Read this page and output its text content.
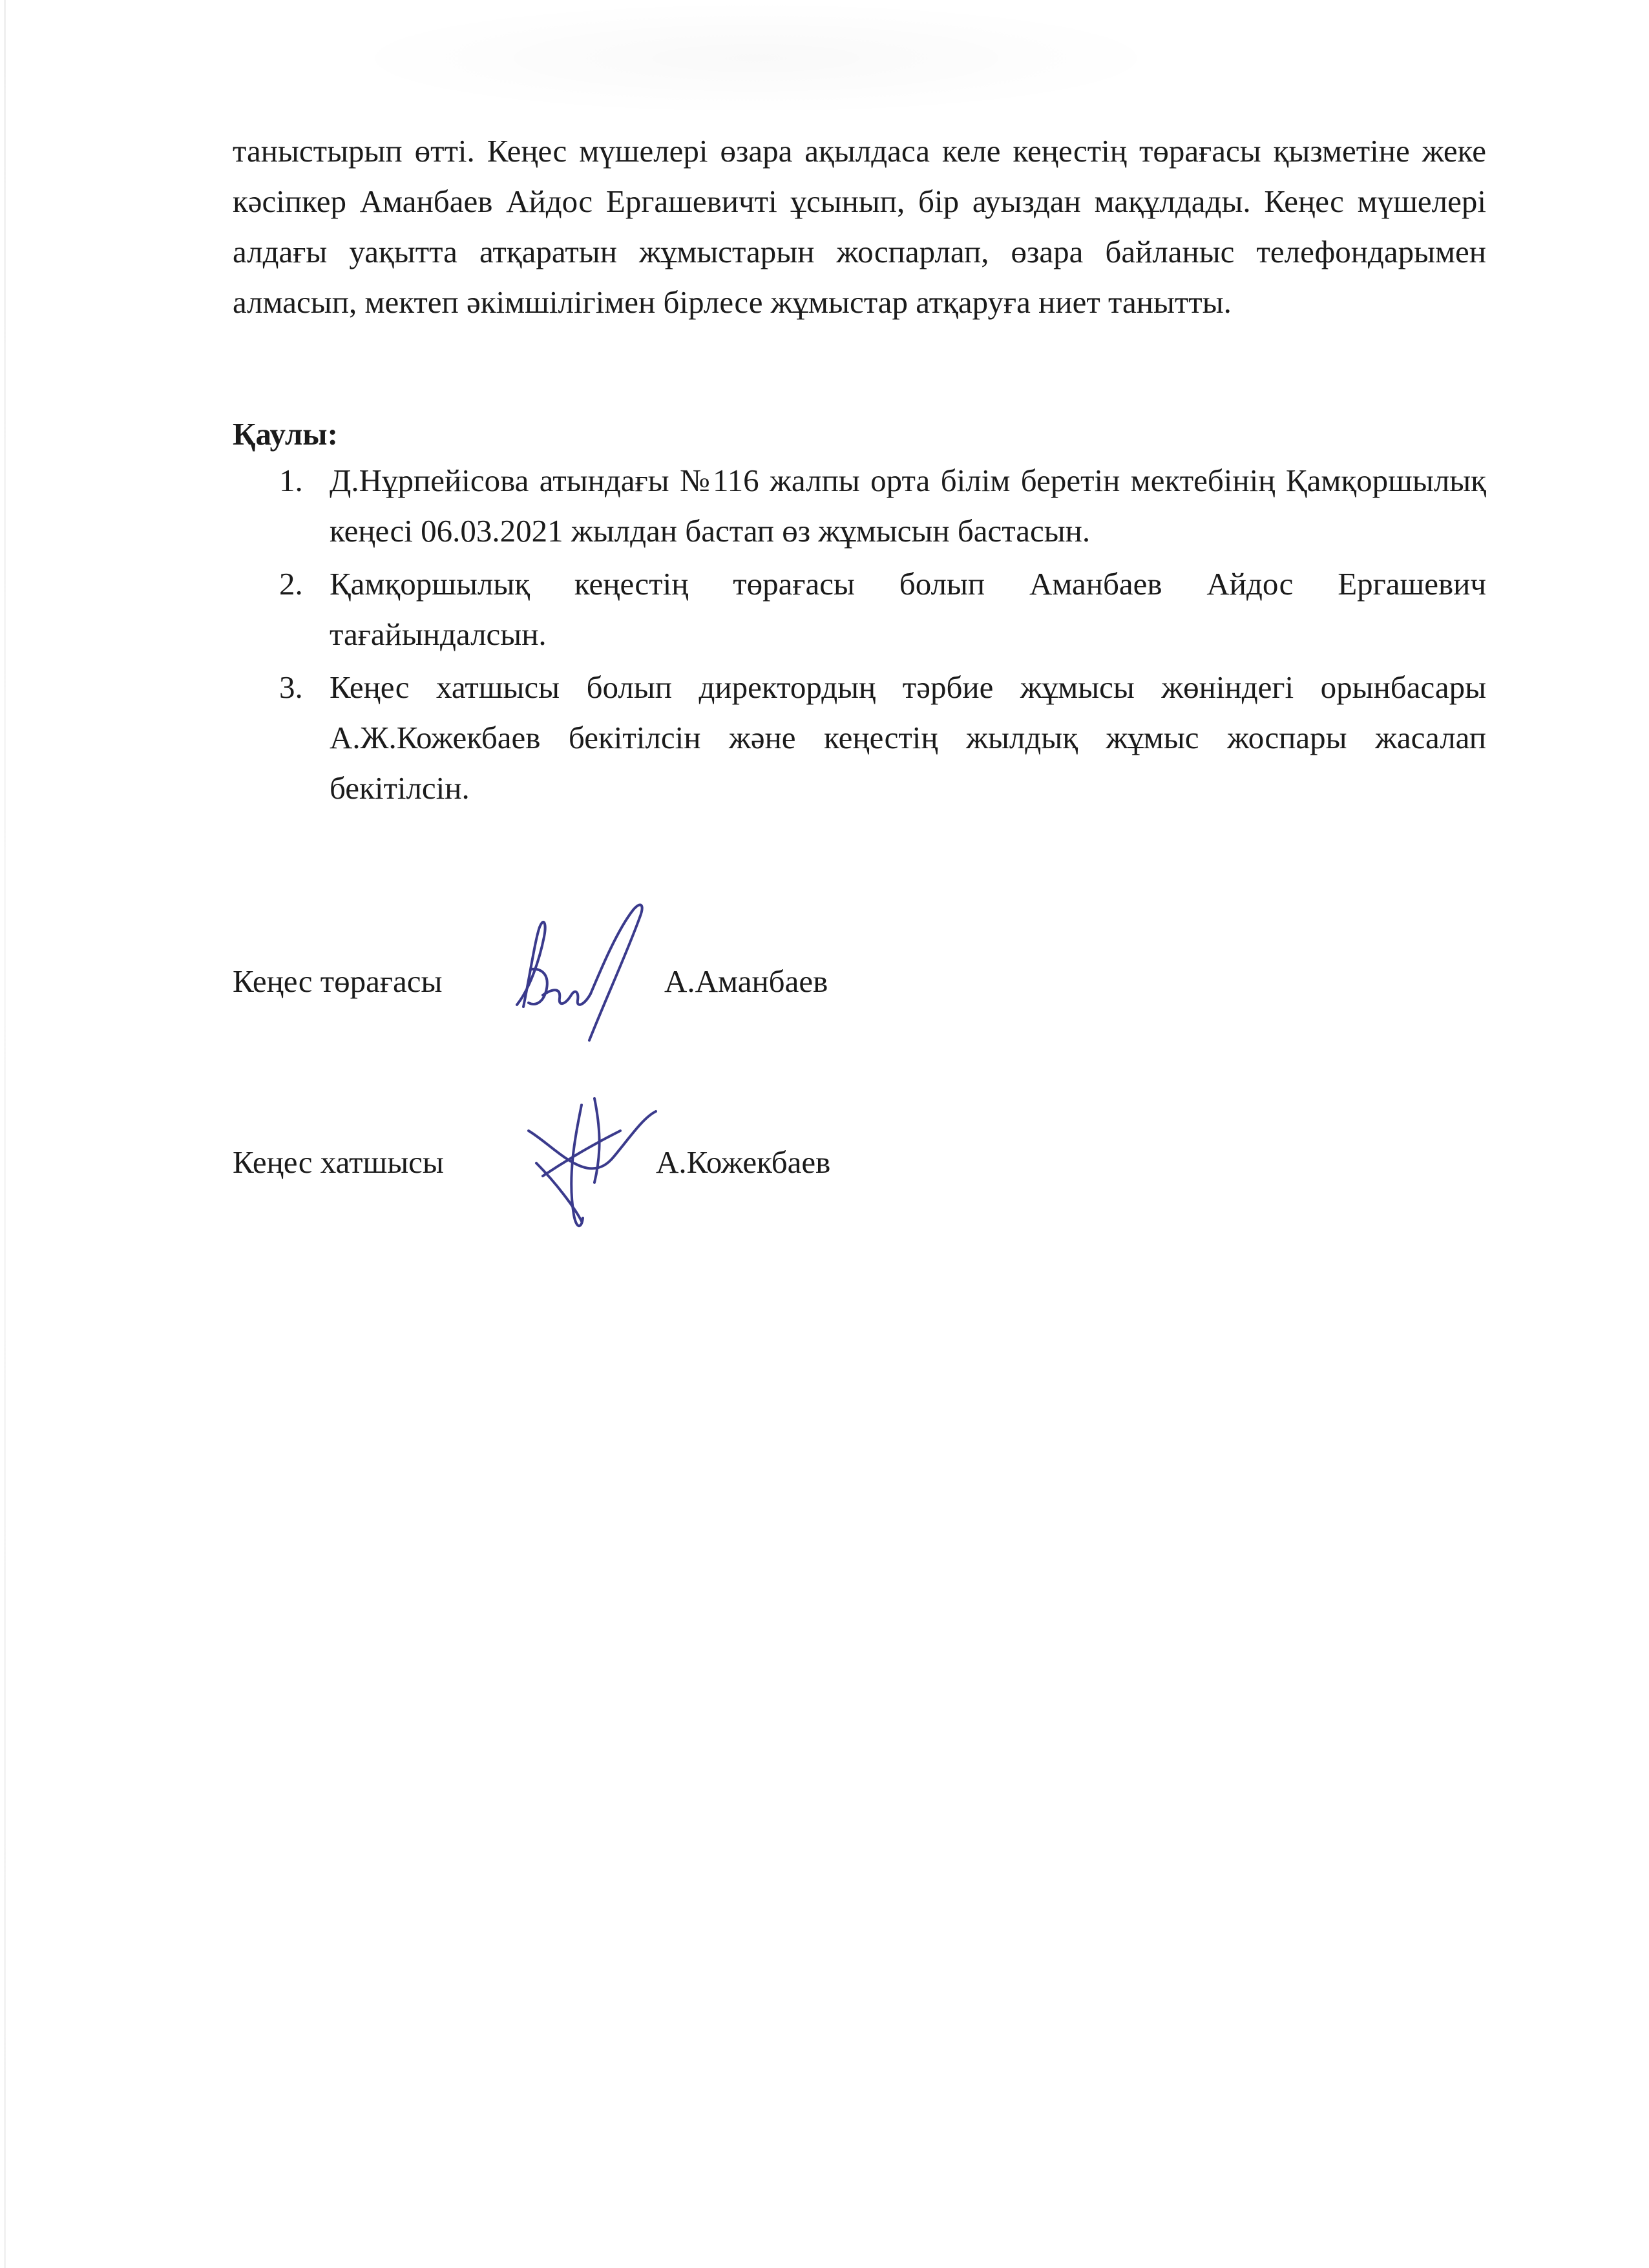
таныстырып өтті. Кеңес мүшелері өзара ақылдаса келе кеңестің төрағасы қызметіне жеке кәсіпкер Аманбаев Айдос Ергашевичті ұсынып, бір ауыздан мақұлдады. Кеңес мүшелері алдағы уақытта атқаратын жұмыстарын жоспарлап, өзара байланыс телефондарымен алмасып, мектеп әкімшілігімен бірлесе жұмыстар атқаруға ниет танытты.

Қаулы:

1. Д.Нұрпейісова атындағы №116 жалпы орта білім беретін мектебінің Қамқоршылық кеңесі 06.03.2021 жылдан бастап өз жұмысын бастасын.
2. Қамқоршылық кеңестің төрағасы болып Аманбаев Айдос Ергашевич тағайындалсын.
3. Кеңес хатшысы болып директордың тәрбие жұмысы жөніндегі орынбасары А.Ж.Кожекбаев бекітілсін және кеңестің жылдық жұмыс жоспары жасалап бекітілсін.
Кеңес төрағасы	А.Аманбаев
Кеңес хатшысы	А.Кожекбаев
